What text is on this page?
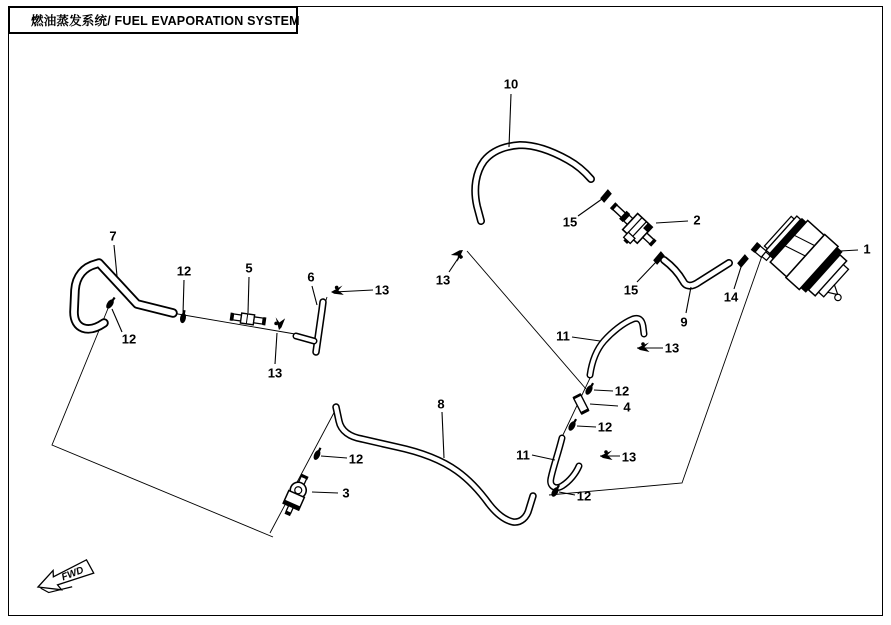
燃油蒸发系统/ FUEL EVAPORATION SYSTEM
FWD
10
13
15	2
15
1
14
9
7
12
12	5
13
6
13
8
12
3
11
13
12
4
12
13
11
12
